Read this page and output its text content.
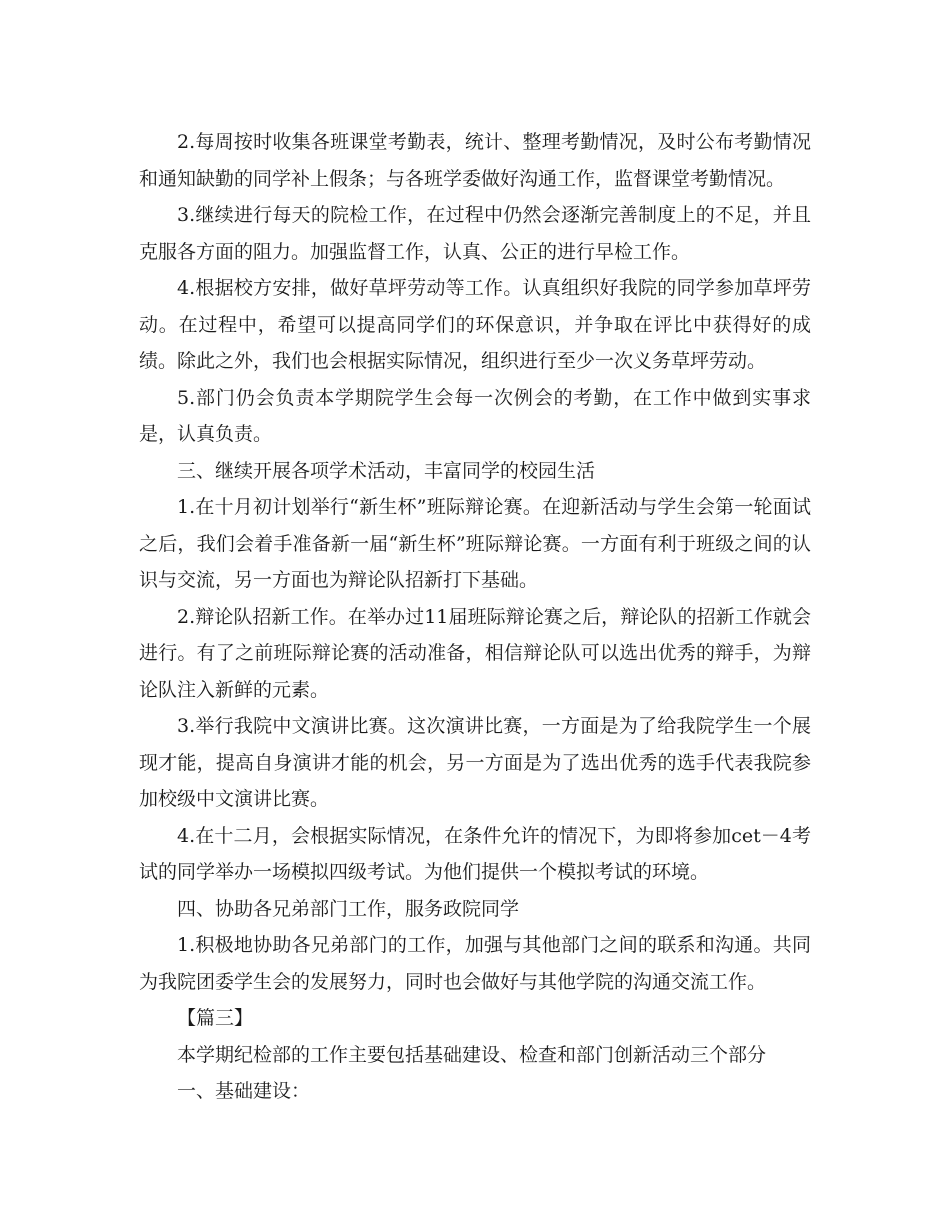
2.每周按时收集各班课堂考勤表，统计、整理考勤情况，及时公布考勤情况和通知缺勤的同学补上假条；与各班学委做好沟通工作，监督课堂考勤情况。

3.继续进行每天的院检工作，在过程中仍然会逐渐完善制度上的不足，并且克服各方面的阻力。加强监督工作，认真、公正的进行早检工作。

4.根据校方安排，做好草坪劳动等工作。认真组织好我院的同学参加草坪劳动。在过程中，希望可以提高同学们的环保意识，并争取在评比中获得好的成绩。除此之外，我们也会根据实际情况，组织进行至少一次义务草坪劳动。

5.部门仍会负责本学期院学生会每一次例会的考勤，在工作中做到实事求是，认真负责。

三、继续开展各项学术活动，丰富同学的校园生活

1.在十月初计划举行“新生杯”班际辩论赛。在迎新活动与学生会第一轮面试之后，我们会着手准备新一届“新生杯”班际辩论赛。一方面有利于班级之间的认识与交流，另一方面也为辩论队招新打下基础。

2.辩论队招新工作。在举办过11届班际辩论赛之后，辩论队的招新工作就会进行。有了之前班际辩论赛的活动准备，相信辩论队可以选出优秀的辩手，为辩论队注入新鲜的元素。

3.举行我院中文演讲比赛。这次演讲比赛，一方面是为了给我院学生一个展现才能，提高自身演讲才能的机会，另一方面是为了选出优秀的选手代表我院参加校级中文演讲比赛。

4.在十二月，会根据实际情况，在条件允许的情况下，为即将参加cet－4考试的同学举办一场模拟四级考试。为他们提供一个模拟考试的环境。

四、协助各兄弟部门工作，服务政院同学

1.积极地协助各兄弟部门的工作，加强与其他部门之间的联系和沟通。共同为我院团委学生会的发展努力，同时也会做好与其他学院的沟通交流工作。

【篇三】

本学期纪检部的工作主要包括基础建设、检查和部门创新活动三个部分

一、基础建设：
